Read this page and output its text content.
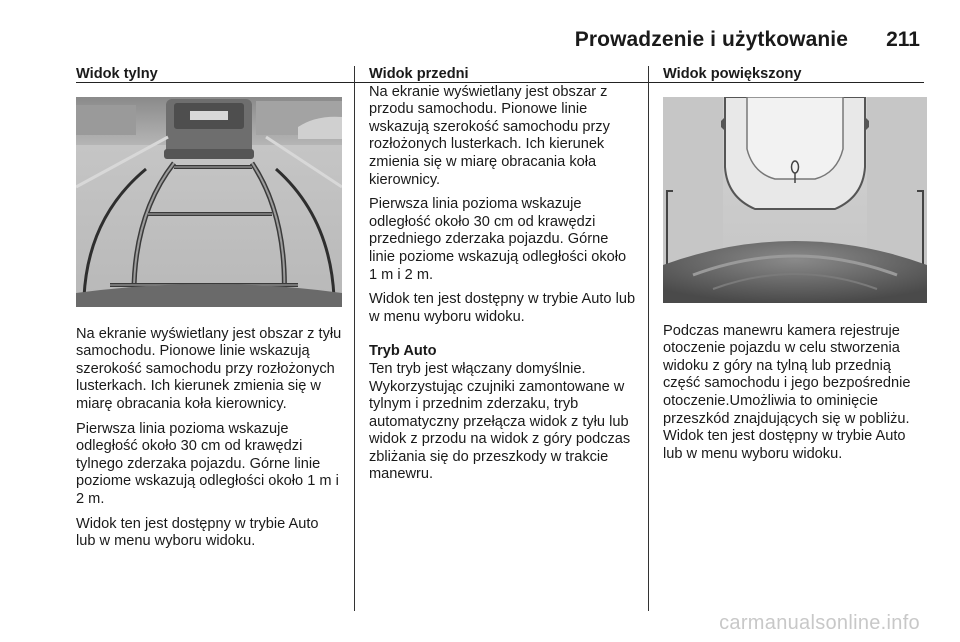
Prowadzenie i użytkowanie 211
Widok tylny

Na ekranie wyświetlany jest obszar z tyłu samochodu. Pionowe linie wskazują szerokość samochodu przy rozłożonych lusterkach. Ich kierunek zmienia się w miarę obracania koła kierownicy.

Pierwsza linia pozioma wskazuje odległość około 30 cm od krawędzi tylnego zderzaka pojazdu. Górne linie poziome wskazują odległości około 1 m i 2 m.

Widok ten jest dostępny w trybie Auto lub w menu wyboru widoku.

Widok przedni

Na ekranie wyświetlany jest obszar z przodu samochodu. Pionowe linie wskazują szerokość samochodu przy rozłożonych lusterkach. Ich kierunek zmienia się w miarę obracania koła kierownicy.

Pierwsza linia pozioma wskazuje odległość około 30 cm od krawędzi przedniego zderzaka pojazdu. Górne linie poziome wskazują odległości około 1 m i 2 m.

Widok ten jest dostępny w trybie Auto lub w menu wyboru widoku.

Tryb Auto

Ten tryb jest włączany domyślnie. Wykorzystując czujniki zamontowane w tylnym i przednim zderzaku, tryb automatyczny przełącza widok z tyłu lub widok z przodu na widok z góry podczas zbliżania się do przeszkody w trakcie manewru.

Widok powiększony

Podczas manewru kamera rejestruje otoczenie pojazdu w celu stworzenia widoku z góry na tylną lub przednią część samochodu i jego bezpośrednie otoczenie.Umożliwia to ominięcie przeszkód znajdujących się w pobliżu. Widok ten jest dostępny w trybie Auto lub w menu wyboru widoku.

carmanualsonline.info
